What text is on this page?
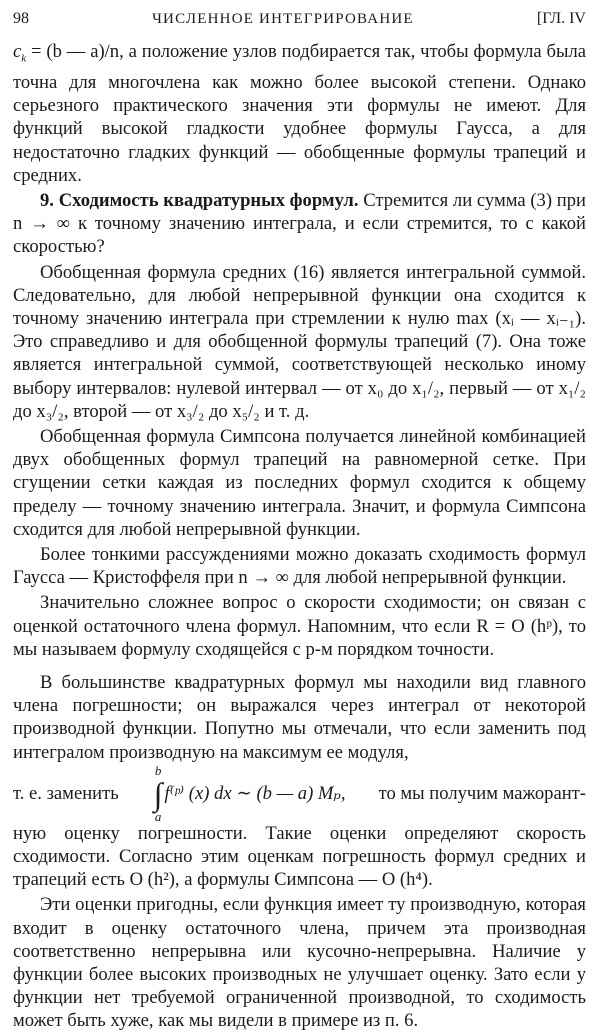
98	ЧИСЛЕННОЕ ИНТЕГРИРОВАНИЕ	[ГЛ. IV

$c_k = (b$ — a)/n, а положение узлов подбирается так, чтобы формула была точна для многочлена как можно более высокой степени. Однако серьезного практического значения эти формулы не имеют. Для функций высокой гладкости удобнее формулы Гаусса, а для недостаточно гладких функций — обобщенные формулы трапеций и средних.

9. Сходимость квадратурных формул. Стремится ли сумма (3) при n → ∞ к точному значению интеграла, и если стремится, то с какой скоростью?

Обобщенная формула средних (16) является интегральной суммой. Следовательно, для любой непрерывной функции она сходится к точному значению интеграла при стремлении к нулю max (xᵢ — xᵢ₋₁). Это справедливо и для обобщенной формулы трапеций (7). Она тоже является интегральной суммой, соответствующей несколько иному выбору интервалов: нулевой интервал — от x₀ до x₁/₂, первый — от x₁/₂ до x₃/₂, второй — от x₃/₂ до x₅/₂ и т. д.

Обобщенная формула Симпсона получается линейной комбинацией двух обобщенных формул трапеций на равномерной сетке. При сгущении сетки каждая из последних формул сходится к общему пределу — точному значению интеграла. Значит, и формула Симпсона сходится для любой непрерывной функции.

Более тонкими рассуждениями можно доказать сходимость формул Гаусса — Кристоффеля при n → ∞ для любой непрерывной функции.

Значительно сложнее вопрос о скорости сходимости; он связан с оценкой остаточного члена формул. Напомним, что если R = O (hᵖ), то мы называем формулу сходящейся с p-м порядком точности.

В большинстве квадратурных формул мы находили вид главного члена погрешности; он выражался через интеграл от некоторой производной функции. Попутно мы отмечали, что если заменить под интегралом производную на максимум ее модуля,

т. е. заменить
b
∫
a
f⁽ᵖ⁾ (x) dx ∼ (b — a) Mₚ, то мы получим мажорант-

ную оценку погрешности. Такие оценки определяют скорость сходимости. Согласно этим оценкам погрешность формул средних и трапеций есть O (h²), а формулы Симпсона — O (h⁴).

Эти оценки пригодны, если функция имеет ту производную, которая входит в оценку остаточного члена, причем эта производная соответственно непрерывна или кусочно-непрерывна. Наличие у функции более высоких производных не улучшает оценку. Зато если у функции нет требуемой ограниченной производной, то сходимость может быть хуже, как мы видели в примере из п. 6.
